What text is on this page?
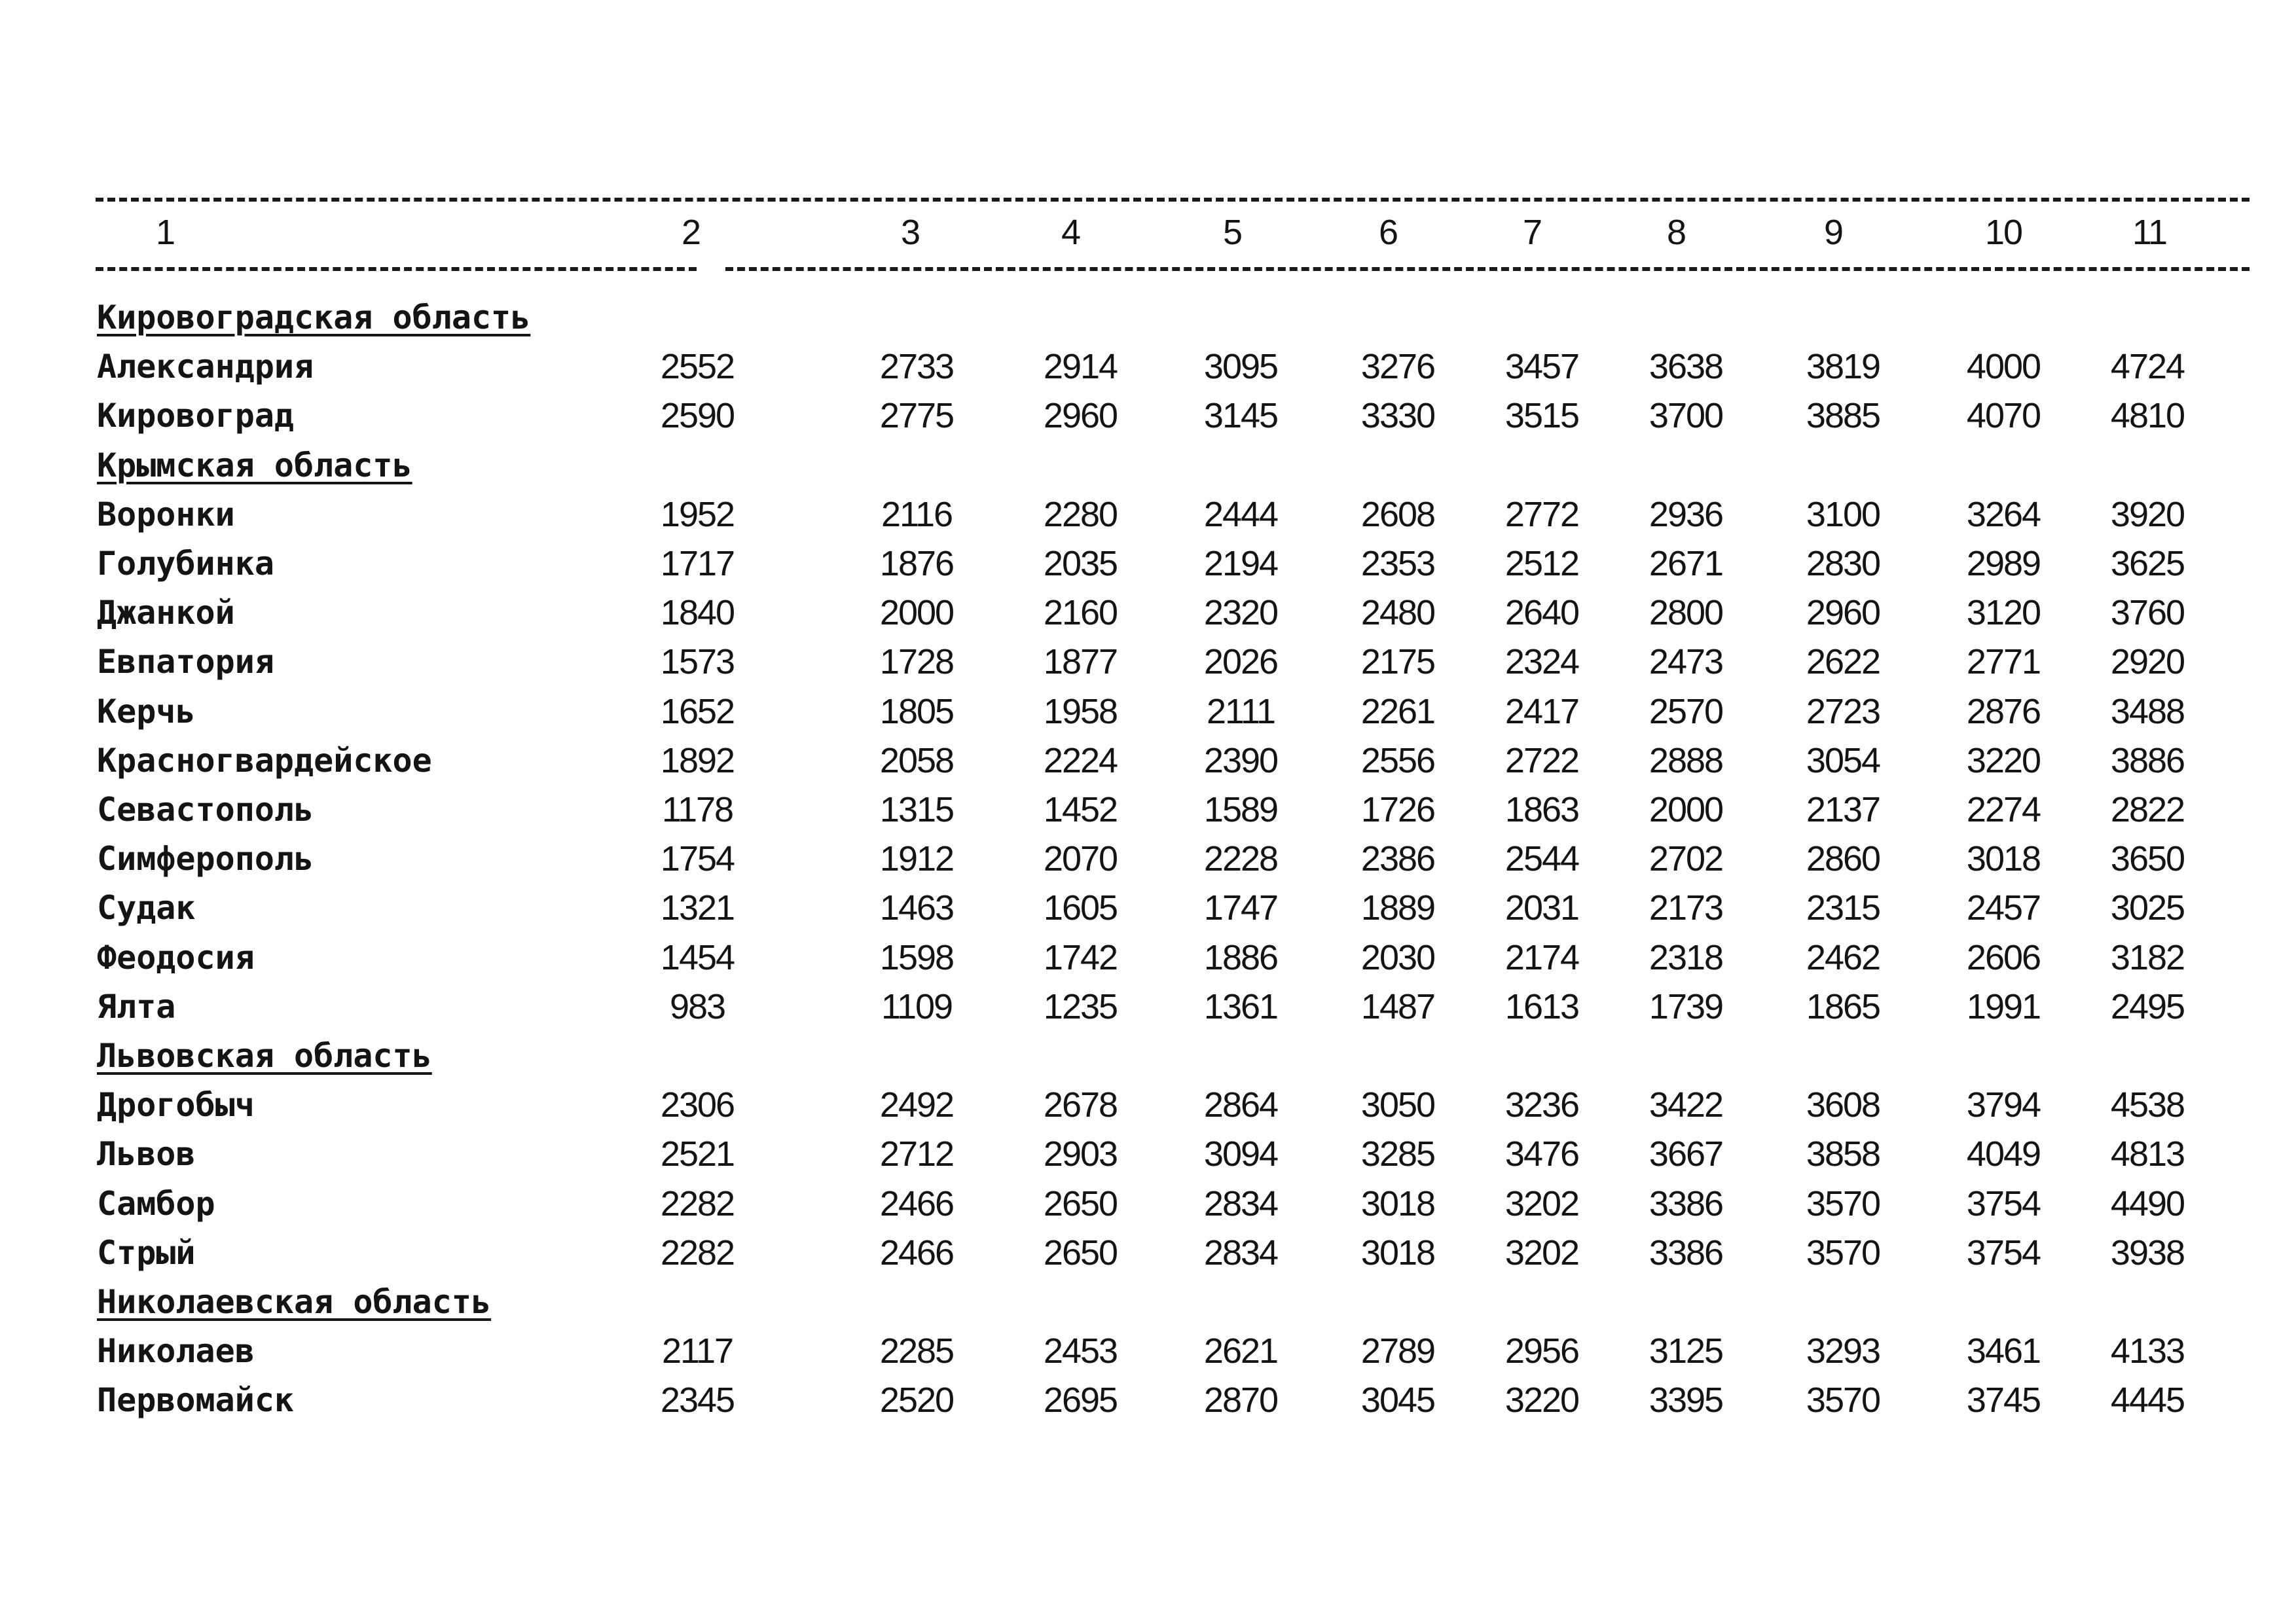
1	2	3	4	5	6	7	8	9	10	11
Кировоградская область
Александрия	2552	2733	2914	3095	3276	3457	3638	3819	4000	4724
Кировоград	2590	2775	2960	3145	3330	3515	3700	3885	4070	4810
Крымская область
Воронки	1952	2116	2280	2444	2608	2772	2936	3100	3264	3920
Голубинка	1717	1876	2035	2194	2353	2512	2671	2830	2989	3625
Джанкой	1840	2000	2160	2320	2480	2640	2800	2960	3120	3760
Евпатория	1573	1728	1877	2026	2175	2324	2473	2622	2771	2920
Керчь	1652	1805	1958	2111	2261	2417	2570	2723	2876	3488
Красногвардейское	1892	2058	2224	2390	2556	2722	2888	3054	3220	3886
Севастополь	1178	1315	1452	1589	1726	1863	2000	2137	2274	2822
Симферополь	1754	1912	2070	2228	2386	2544	2702	2860	3018	3650
Судак	1321	1463	1605	1747	1889	2031	2173	2315	2457	3025
Феодосия	1454	1598	1742	1886	2030	2174	2318	2462	2606	3182
Ялта	983	1109	1235	1361	1487	1613	1739	1865	1991	2495
Львовская область
Дрогобыч	2306	2492	2678	2864	3050	3236	3422	3608	3794	4538
Львов	2521	2712	2903	3094	3285	3476	3667	3858	4049	4813
Самбор	2282	2466	2650	2834	3018	3202	3386	3570	3754	4490
Стрый	2282	2466	2650	2834	3018	3202	3386	3570	3754	3938
Николаевская область
Николаев	2117	2285	2453	2621	2789	2956	3125	3293	3461	4133
Первомайск	2345	2520	2695	2870	3045	3220	3395	3570	3745	4445
